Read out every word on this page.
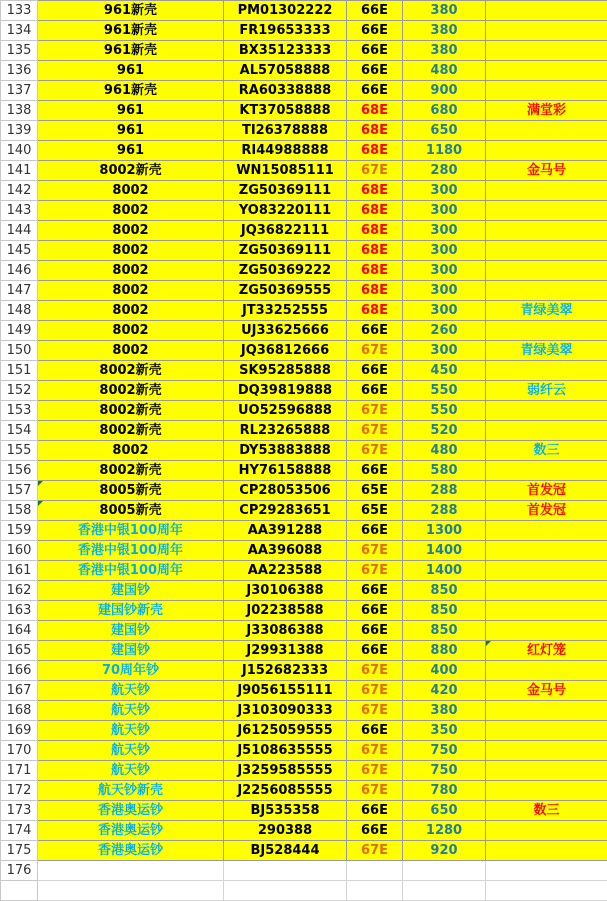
133	961新壳	PM01302222	66E	380	
134	961新壳	FR19653333	66E	380	
135	961新壳	BX35123333	66E	380	
136	961	AL57058888	66E	480	
137	961新壳	RA60338888	66E	900	
138	961	KT37058888	68E	680	满堂彩
139	961	TI26378888	68E	650	
140	961	RI44988888	68E	1180	
141	8002新壳	WN15085111	67E	280	金马号
142	8002	ZG50369111	68E	300	
143	8002	YO83220111	68E	300	
144	8002	JQ36822111	68E	300	
145	8002	ZG50369111	68E	300	
146	8002	ZG50369222	68E	300	
147	8002	ZG50369555	68E	300	
148	8002	JT33252555	68E	300	青绿美翠
149	8002	UJ33625666	66E	260	
150	8002	JQ36812666	67E	300	青绿美翠
151	8002新壳	SK95285888	66E	450	
152	8002新壳	DQ39819888	66E	550	弱纤云
153	8002新壳	UO52596888	67E	550	
154	8002新壳	RL23265888	67E	520	
155	8002	DY53883888	67E	480	数三
156	8002新壳	HY76158888	66E	580	
157	8005新壳	CP28053506	65E	288	首发冠
158	8005新壳	CP29283651	65E	288	首发冠
159	香港中银100周年	AA391288	66E	1300	
160	香港中银100周年	AA396088	67E	1400	
161	香港中银100周年	AA223588	67E	1400	
162	建国钞	J30106388	66E	850	
163	建国钞新壳	J02238588	66E	850	
164	建国钞	J33086388	66E	850	
165	建国钞	J29931388	66E	880	红灯笼
166	70周年钞	J152682333	67E	400	
167	航天钞	J9056155111	67E	420	金马号
168	航天钞	J3103090333	67E	380	
169	航天钞	J6125059555	66E	350	
170	航天钞	J5108635555	67E	750	
171	航天钞	J3259585555	67E	750	
172	航天钞新壳	J2256085555	67E	780	
173	香港奥运钞	BJ535358	66E	650	数三
174	香港奥运钞	290388	66E	1280	
175	香港奥运钞	BJ528444	67E	920	
176					
